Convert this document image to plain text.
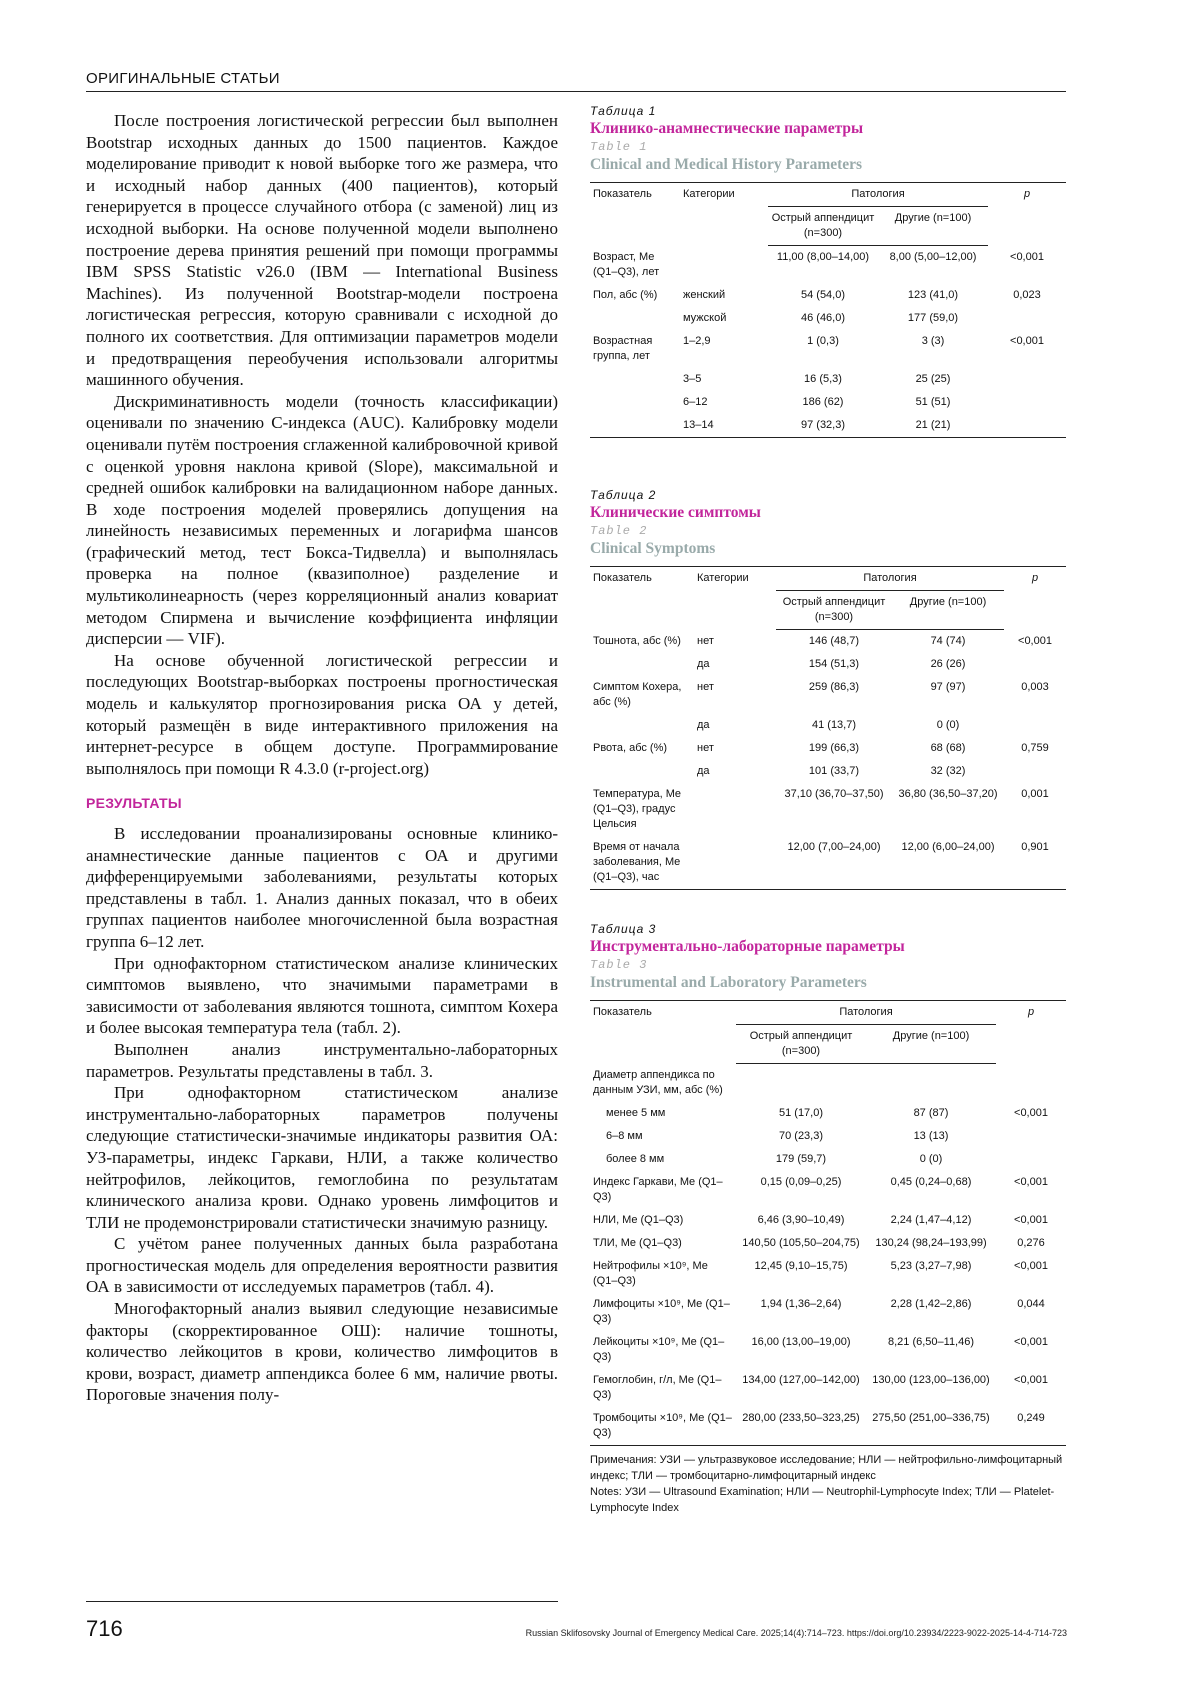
ОРИГИНАЛЬНЫЕ СТАТЬИ

После построения логистической регрессии был выполнен Bootstrap исходных данных до 1500 пациентов. Каждое моделирование приводит к новой выборке того же размера, что и исходный набор данных (400 пациентов), который генерируется в процессе случайного отбора (с заменой) лиц из исходной выборки. На основе полученной модели выполнено построение дерева принятия решений при помощи программы IBM SPSS Statistic v26.0 (IBM — International Business Machines). Из полученной Bootstrap-модели построена логистическая регрессия, которую сравнивали с исходной до полного их соответствия. Для оптимизации параметров модели и предотвращения переобучения использовали алгоритмы машинного обучения.

Дискриминативность модели (точность классификации) оценивали по значению C-индекса (AUC). Калибровку модели оценивали путём построения сглаженной калибровочной кривой с оценкой уровня наклона кривой (Slope), максимальной и средней ошибок калибровки на валидационном наборе данных. В ходе построения моделей проверялись допущения на линейность независимых переменных и логарифма шансов (графический метод, тест Бокса-Тидвелла) и выполнялась проверка на полное (квазиполное) разделение и мультиколинеарность (через корреляционный анализ ковариат методом Спирмена и вычисление коэффициента инфляции дисперсии — VIF).

На основе обученной логистической регрессии и последующих Bootstrap-выборках построены прогностическая модель и калькулятор прогнозирования риска ОА у детей, который размещён в виде интерактивного приложения на интернет-ресурсе в общем доступе. Программирование выполнялось при помощи R 4.3.0 (r-project.org)

РЕЗУЛЬТАТЫ

В исследовании проанализированы основные клинико-анамнестические данные пациентов с ОА и другими дифференцируемыми заболеваниями, результаты которых представлены в табл. 1. Анализ данных показал, что в обеих группах пациентов наиболее многочисленной была возрастная группа 6–12 лет.

При однофакторном статистическом анализе клинических симптомов выявлено, что значимыми параметрами в зависимости от заболевания являются тошнота, симптом Кохера и более высокая температура тела (табл. 2).

Выполнен анализ инструментально-лабораторных параметров. Результаты представлены в табл. 3.

При однофакторном статистическом анализе инструментально-лабораторных параметров получены следующие статистически-значимые индикаторы развития ОА: УЗ-параметры, индекс Гаркави, НЛИ, а также количество нейтрофилов, лейкоцитов, гемоглобина по результатам клинического анализа крови. Однако уровень лимфоцитов и ТЛИ не продемонстрировали статистически значимую разницу.

С учётом ранее полученных данных была разработана прогностическая модель для определения вероятности развития ОА в зависимости от исследуемых параметров (табл. 4).

Многофакторный анализ выявил следующие независимые факторы (скорректированное ОШ): наличие тошноты, количество лейкоцитов в крови, количество лимфоцитов в крови, возраст, диаметр аппендикса более 6 мм, наличие рвоты. Пороговые значения полу-

716	Russian Sklifosovsky Journal of Emergency Medical Care. 2025;14(4):714–723. https://doi.org/10.23934/2223-9022-2025-14-4-714-723
Таблица 1
Клинико-анамнестические параметры
Table 1
Clinical and Medical History Parameters
Показатель	Категории	Патология		p
		Острый аппендицит (n=300)	Другие (n=100)	
Возраст, Me (Q1–Q3), лет		11,00 (8,00–14,00)	8,00 (5,00–12,00)	<0,001
Пол, абс (%)	женский	54 (54,0)	123 (41,0)	0,023
	мужской	46 (46,0)	177 (59,0)	
Возрастная группа, лет	1–2,9	1 (0,3)	3 (3)	<0,001
	3–5	16 (5,3)	25 (25)	
	6–12	186 (62)	51 (51)	
	13–14	97 (32,3)	21 (21)	
Таблица 2
Клинические симптомы
Table 2
Clinical Symptoms
Показатель	Категории	Патология		p
		Острый аппендицит (n=300)	Другие (n=100)	
Тошнота, абс (%)	нет	146 (48,7)	74 (74)	<0,001
	да	154 (51,3)	26 (26)	
Симптом Кохера, абс (%)	нет	259 (86,3)	97 (97)	0,003
	да	41 (13,7)	0 (0)	
Рвота, абс (%)	нет	199 (66,3)	68 (68)	0,759
	да	101 (33,7)	32 (32)	
Температура, Me (Q1–Q3), градус Цельсия		37,10 (36,70–37,50)	36,80 (36,50–37,20)	0,001
Время от начала заболевания, Me (Q1–Q3), час		12,00 (7,00–24,00)	12,00 (6,00–24,00)	0,901
Таблица 3
Инструментально-лабораторные параметры
Table 3
Instrumental and Laboratory Parameters
Показатель	Патология		p
	Острый аппендицит (n=300)	Другие (n=100)	
Диаметр аппендикса по данным УЗИ, мм, абс (%)			
менее 5 мм	51 (17,0)	87 (87)	<0,001
6–8 мм	70 (23,3)	13 (13)	
более 8 мм	179 (59,7)	0 (0)	
Индекс Гаркави, Me (Q1–Q3)	0,15 (0,09–0,25)	0,45 (0,24–0,68)	<0,001
НЛИ, Me (Q1–Q3)	6,46 (3,90–10,49)	2,24 (1,47–4,12)	<0,001
ТЛИ, Me (Q1–Q3)	140,50 (105,50–204,75)	130,24 (98,24–193,99)	0,276
Нейтрофилы ×10⁹, Me (Q1–Q3)	12,45 (9,10–15,75)	5,23 (3,27–7,98)	<0,001
Лимфоциты ×10⁹, Me (Q1–Q3)	1,94 (1,36–2,64)	2,28 (1,42–2,86)	0,044
Лейкоциты ×10⁹, Me (Q1–Q3)	16,00 (13,00–19,00)	8,21 (6,50–11,46)	<0,001
Гемоглобин, г/л, Me (Q1–Q3)	134,00 (127,00–142,00)	130,00 (123,00–136,00)	<0,001
Тромбоциты ×10⁹, Me (Q1–Q3)	280,00 (233,50–323,25)	275,50 (251,00–336,75)	0,249
Примечания: УЗИ — ультразвуковое исследование; НЛИ — нейтрофильно-лимфоцитарный индекс; ТЛИ — тромбоцитарно-лимфоцитарный индекс
Notes: УЗИ — Ultrasound Examination; НЛИ — Neutrophil-Lymphocyte Index; ТЛИ — Platelet-Lymphocyte Index
